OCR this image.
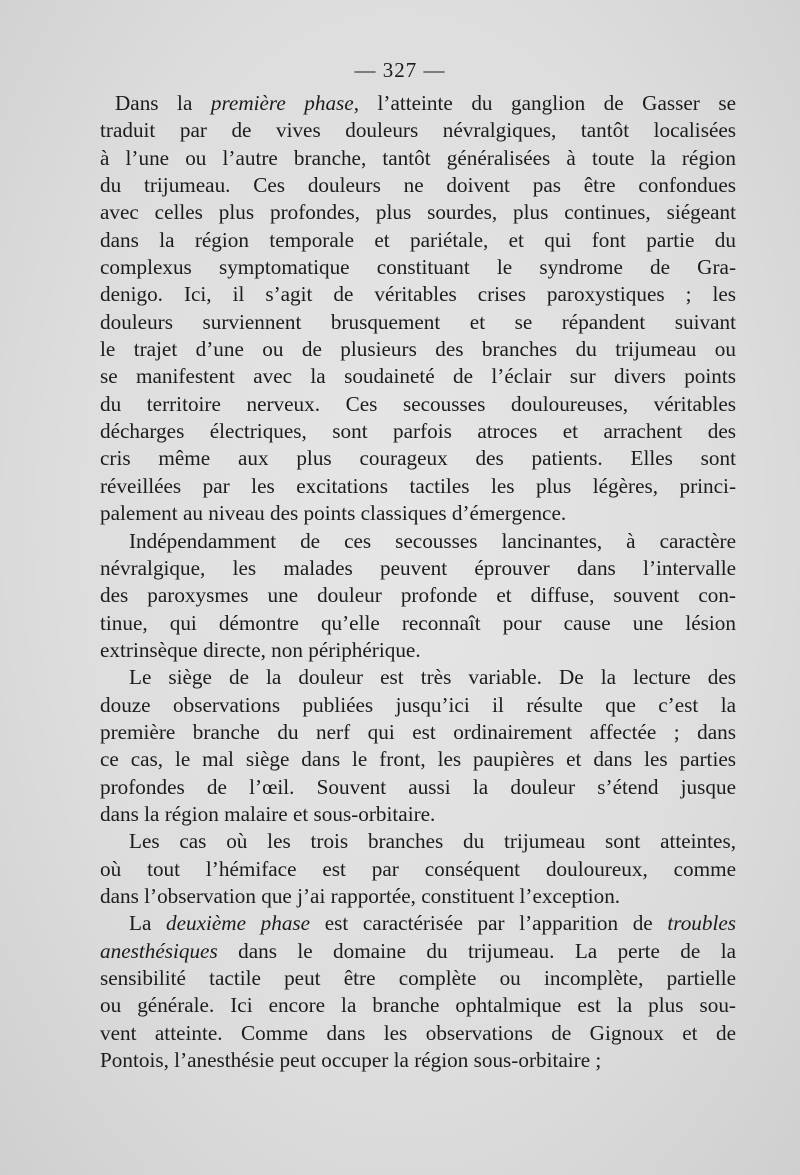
— 327 —
Dans la première phase, l’atteinte du ganglion de Gasser se
traduit par de vives douleurs névralgiques, tantôt localisées
à l’une ou l’autre branche, tantôt généralisées à toute la région
du trijumeau. Ces douleurs ne doivent pas être confondues
avec celles plus profondes, plus sourdes, plus continues, siégeant
dans la région temporale et pariétale, et qui font partie du
complexus symptomatique constituant le syndrome de Gra-
denigo. Ici, il s’agit de véritables crises paroxystiques ; les
douleurs surviennent brusquement et se répandent suivant
le trajet d’une ou de plusieurs des branches du trijumeau ou
se manifestent avec la soudaineté de l’éclair sur divers points
du territoire nerveux. Ces secousses douloureuses, véritables
décharges électriques, sont parfois atroces et arrachent des
cris même aux plus courageux des patients. Elles sont
réveillées par les excitations tactiles les plus légères, princi-
palement au niveau des points classiques d’émergence.
Indépendamment de ces secousses lancinantes, à caractère
névralgique, les malades peuvent éprouver dans l’intervalle
des paroxysmes une douleur profonde et diffuse, souvent con-
tinue, qui démontre qu’elle reconnaît pour cause une lésion
extrinsèque directe, non périphérique.
Le siège de la douleur est très variable. De la lecture des
douze observations publiées jusqu’ici il résulte que c’est la
première branche du nerf qui est ordinairement affectée ; dans
ce cas, le mal siège dans le front, les paupières et dans les parties
profondes de l’œil. Souvent aussi la douleur s’étend jusque
dans la région malaire et sous-orbitaire.
Les cas où les trois branches du trijumeau sont atteintes,
où tout l’hémiface est par conséquent douloureux, comme
dans l’observation que j’ai rapportée, constituent l’exception.
La deuxième phase est caractérisée par l’apparition de troubles
anesthésiques dans le domaine du trijumeau. La perte de la
sensibilité tactile peut être complète ou incomplète, partielle
ou générale. Ici encore la branche ophtalmique est la plus sou-
vent atteinte. Comme dans les observations de Gignoux et de
Pontois, l’anesthésie peut occuper la région sous-orbitaire ;
